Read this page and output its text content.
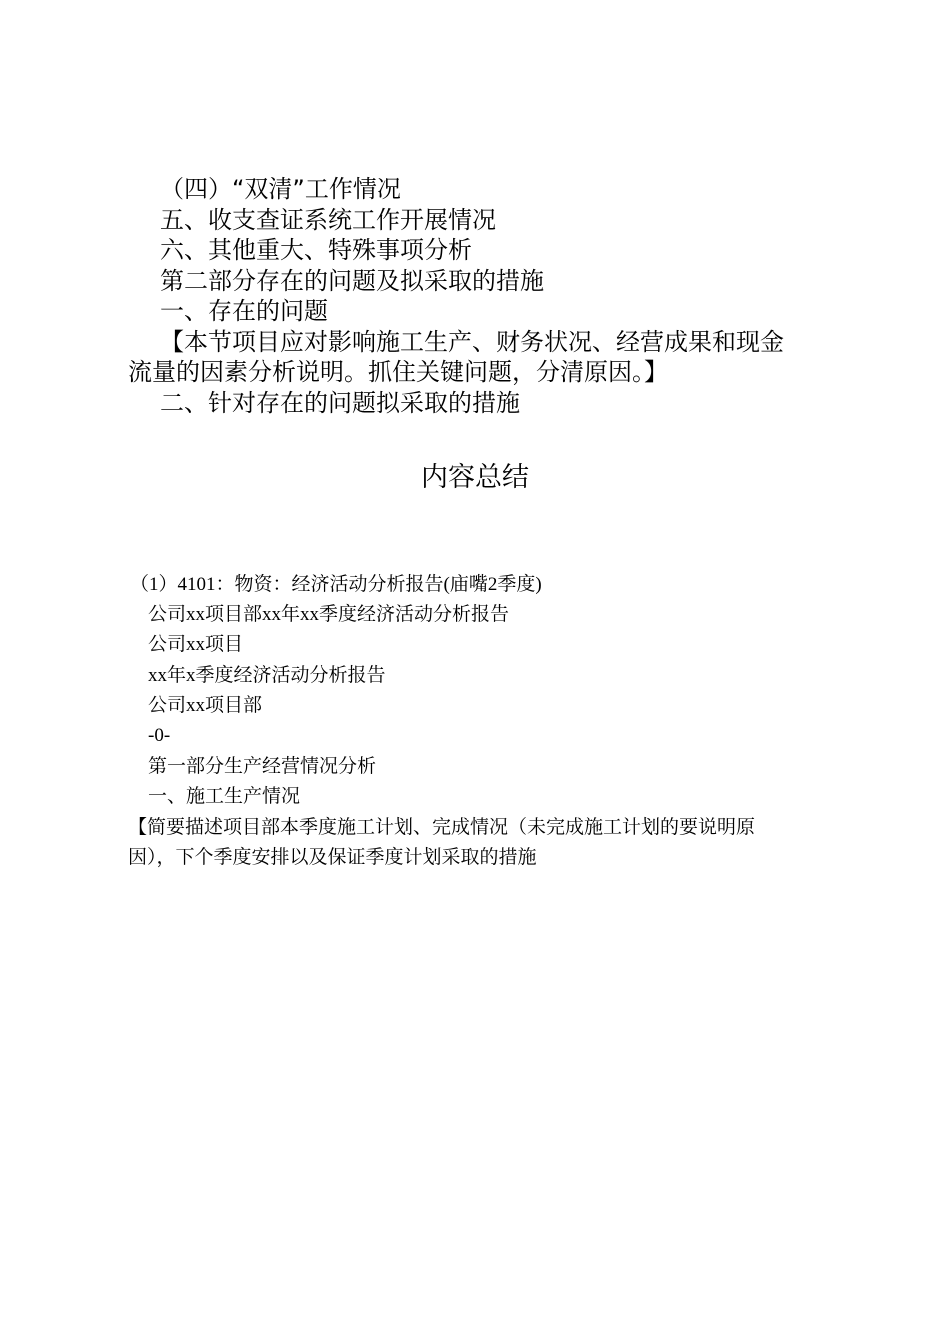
（四）“双清”工作情况
五、收支查证系统工作开展情况
六、其他重大、特殊事项分析
第二部分存在的问题及拟采取的措施
一、存在的问题
【本节项目应对影响施工生产、财务状况、经营成果和现金
流量的因素分析说明。抓住关键问题，分清原因。】
二、针对存在的问题拟采取的措施
内容总结
（1）4101：物资：经济活动分析报告(庙嘴2季度)
公司xx项目部xx年xx季度经济活动分析报告
公司xx项目
xx年x季度经济活动分析报告
公司xx项目部
-0-
第一部分生产经营情况分析
一、施工生产情况
【简要描述项目部本季度施工计划、完成情况（未完成施工计划的要说明原
因），下个季度安排以及保证季度计划采取的措施
